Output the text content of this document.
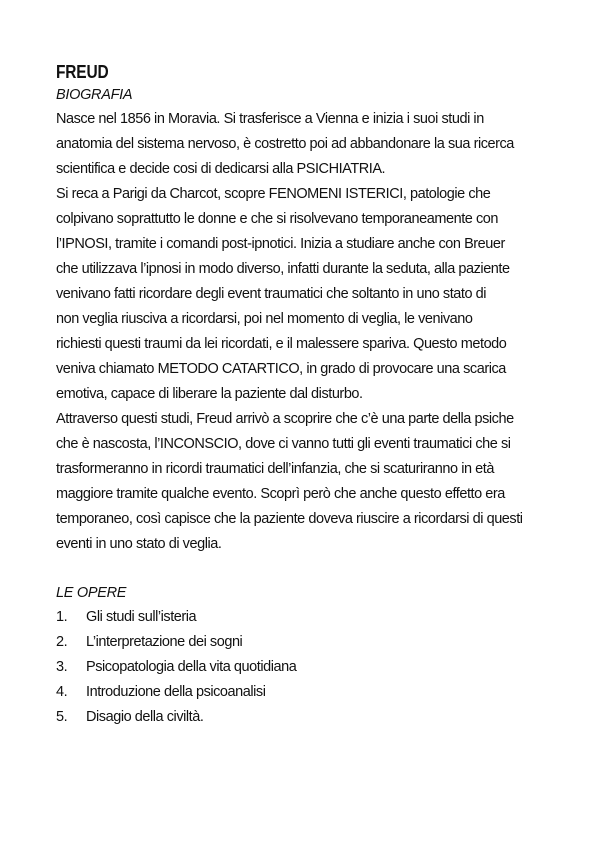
FREUD

BIOGRAFIA

Nasce nel 1856 in Moravia. Si trasferisce a Vienna e inizia i suoi studi in

anatomia del sistema nervoso, è costretto poi ad abbandonare la sua ricerca

scientifica e decide cosi di dedicarsi alla PSICHIATRIA.

Si reca a Parigi da Charcot, scopre FENOMENI ISTERICI, patologie che

colpivano soprattutto le donne e che si risolvevano temporaneamente con

l’IPNOSI, tramite i comandi post-ipnotici. Inizia a studiare anche con Breuer

che utilizzava l’ipnosi in modo diverso, infatti durante la seduta, alla paziente

venivano fatti ricordare degli event traumatici che soltanto in uno stato di

non veglia riusciva a ricordarsi, poi nel momento di veglia, le venivano

richiesti questi traumi da lei ricordati, e il malessere spariva. Questo metodo

veniva chiamato METODO CATARTICO, in grado di provocare una scarica

emotiva, capace di liberare la paziente dal disturbo.

Attraverso questi studi, Freud arrivò a scoprire che c’è una parte della psiche

che è nascosta, l’INCONSCIO, dove ci vanno tutti gli eventi traumatici che si

trasformeranno in ricordi traumatici dell’infanzia, che si scaturiranno in età

maggiore tramite qualche evento. Scoprì però che anche questo effetto era

temporaneo, così capisce che la paziente doveva riuscire a ricordarsi di questi

eventi in uno stato di veglia.

LE OPERE

1.	Gli studi sull’isteria
2.	L’interpretazione dei sogni
3.	Psicopatologia della vita quotidiana
4.	Introduzione della psicoanalisi
5.	Disagio della civiltà.
